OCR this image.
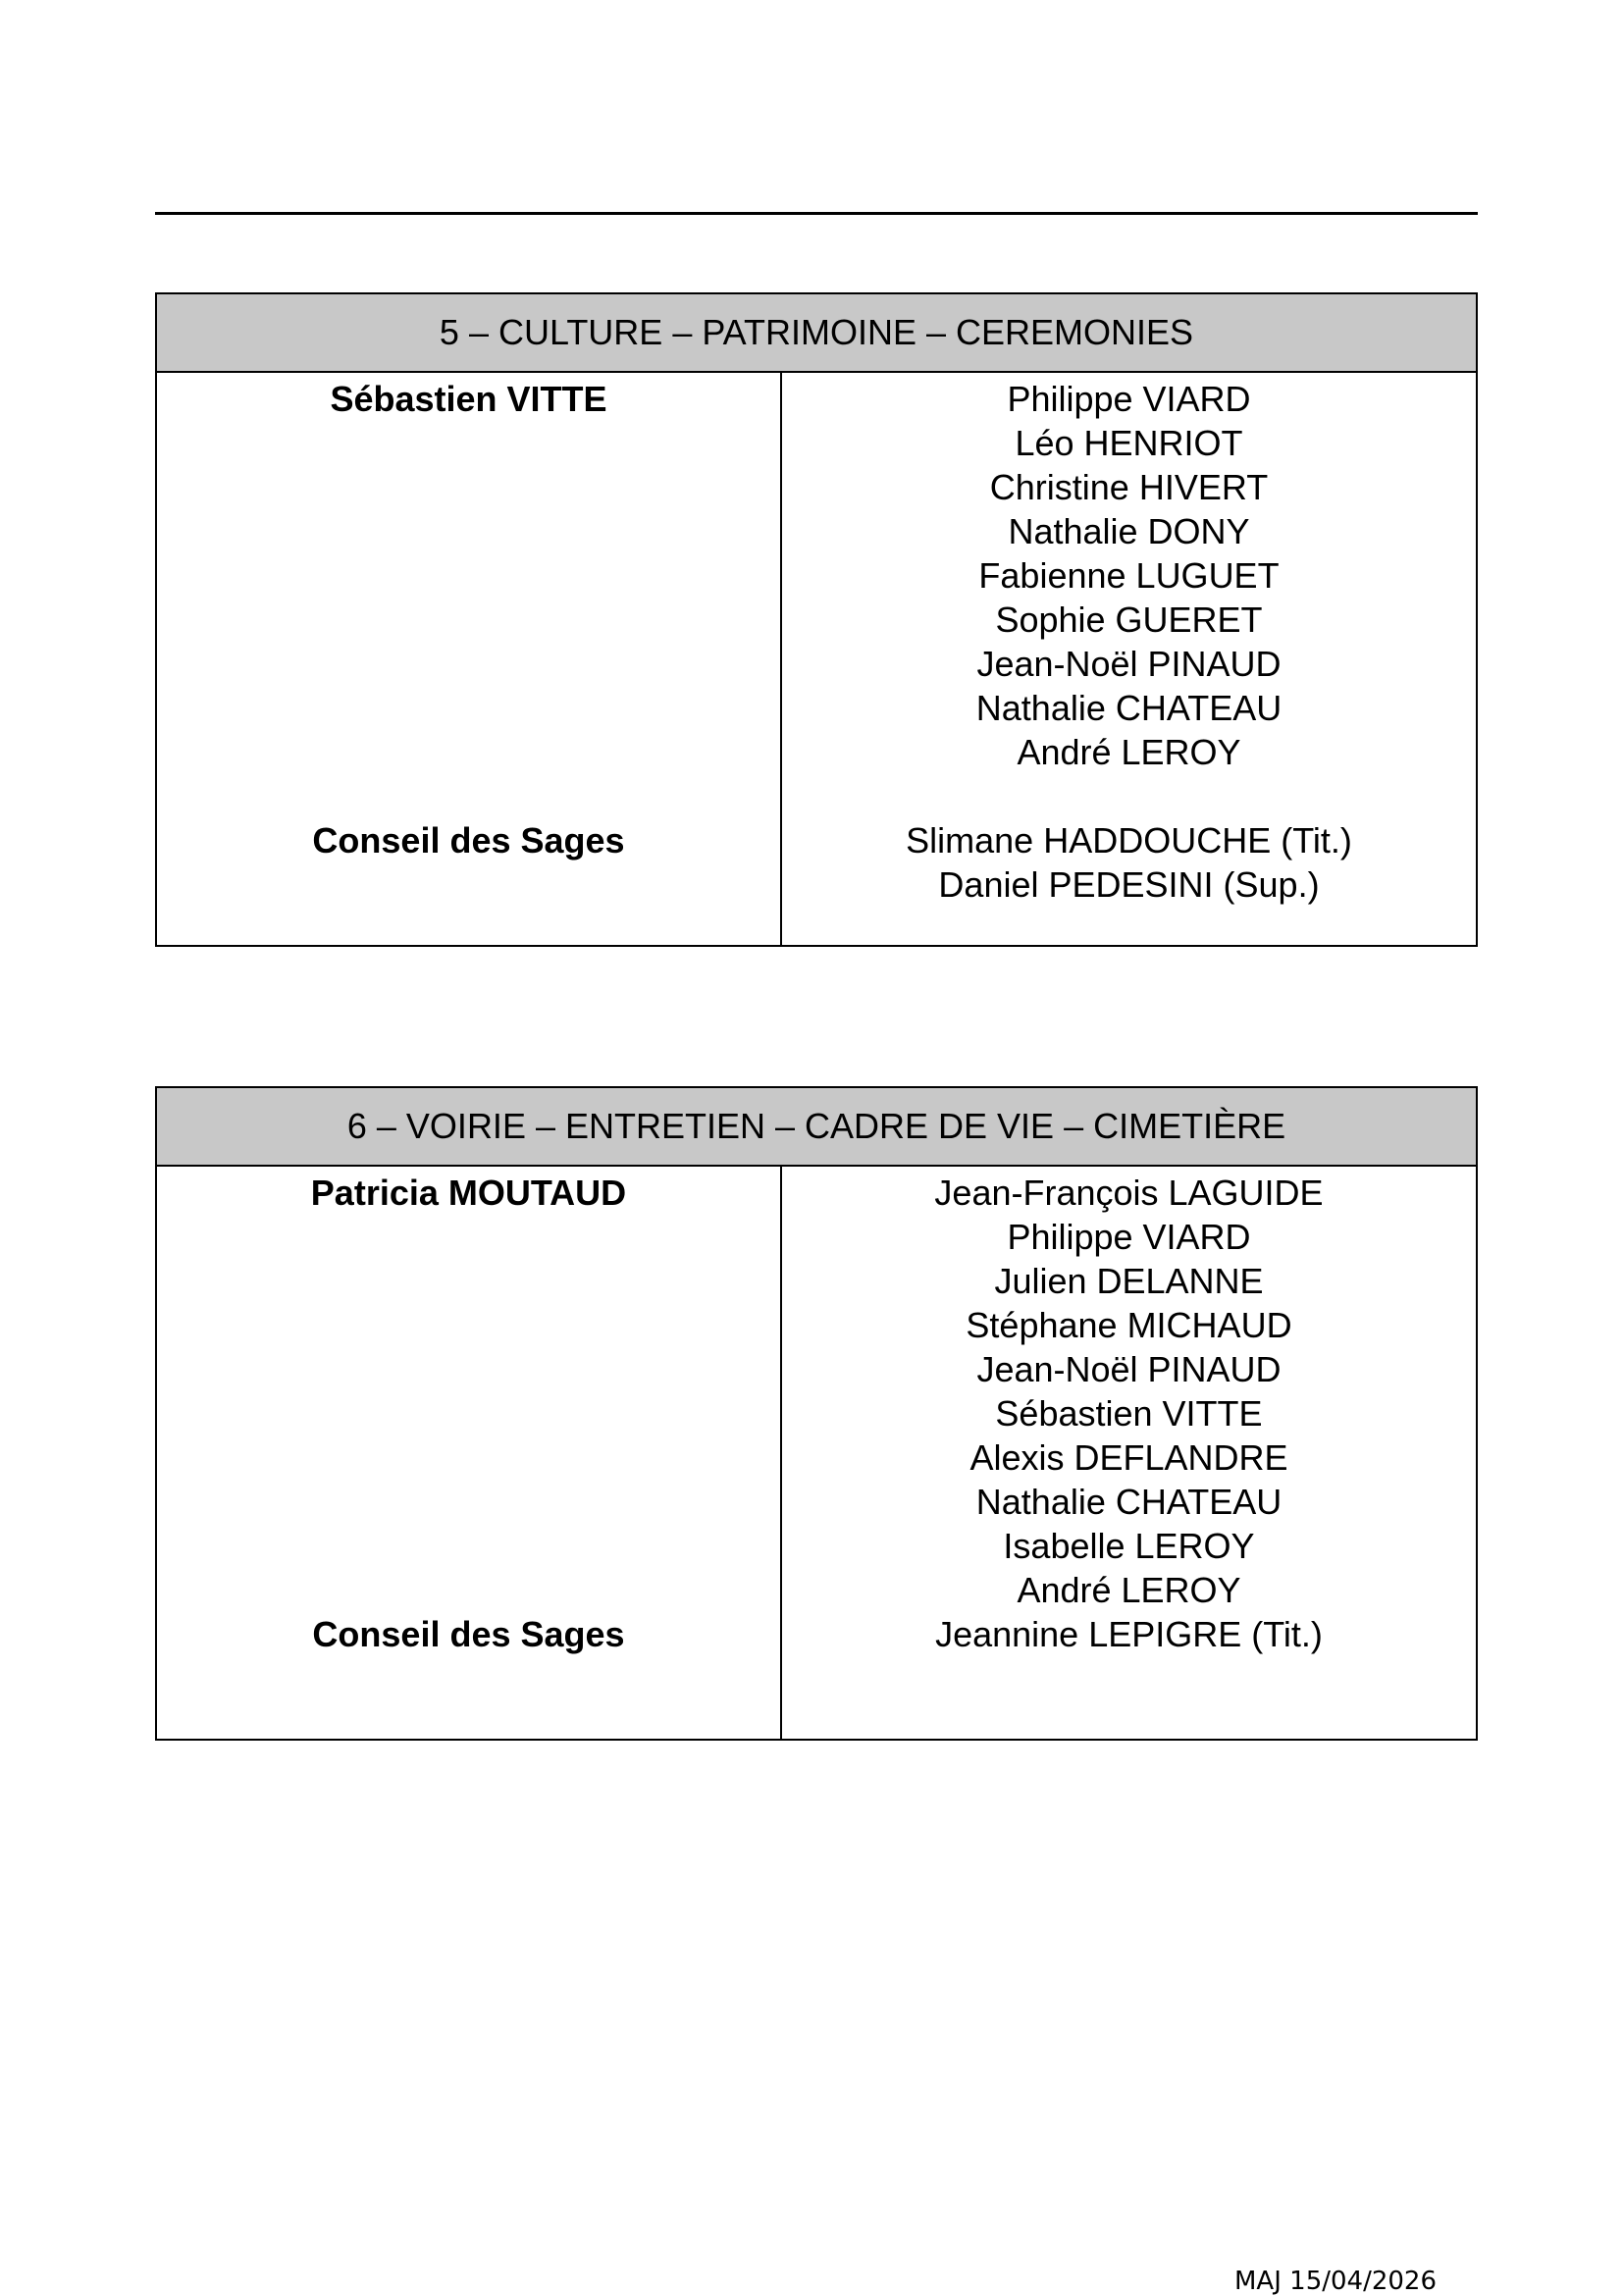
5 – CULTURE – PATRIMOINE – CEREMONIES
Sébastien VITTE
Conseil des Sages
Philippe VIARD
Léo HENRIOT
Christine HIVERT
Nathalie DONY
Fabienne LUGUET
Sophie GUERET
Jean-Noël PINAUD
Nathalie CHATEAU
André LEROY
Slimane HADDOUCHE (Tit.)
Daniel PEDESINI (Sup.)
6 – VOIRIE – ENTRETIEN – CADRE DE VIE – CIMETIÈRE
Patricia MOUTAUD
Conseil des Sages
Jean-François LAGUIDE
Philippe VIARD
Julien DELANNE
Stéphane MICHAUD
Jean-Noël PINAUD
Sébastien VITTE
Alexis DEFLANDRE
Nathalie CHATEAU
Isabelle LEROY
André LEROY
Jeannine LEPIGRE (Tit.)
MAJ 15/04/2026
